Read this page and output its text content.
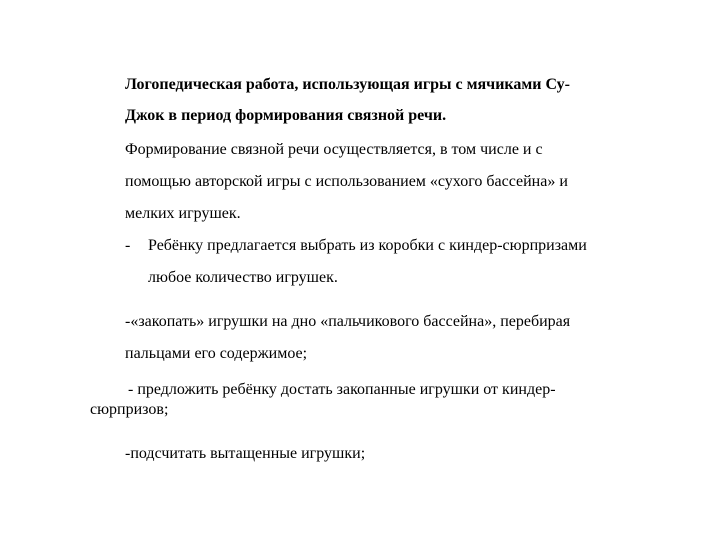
Логопедическая работа, использующая игры с мячиками Су-
Джок в период формирования связной речи.
Формирование связной речи осуществляется, в том числе и с
помощью авторской игры с использованием «сухого бассейна» и
мелких игрушек.
- Ребёнку предлагается выбрать из коробки с киндер-сюрпризами
любое количество игрушек.
-«закопать» игрушки на дно «пальчикового бассейна», перебирая
пальцами его содержимое;
- предложить ребёнку достать закопанные игрушки от киндер-
сюрпризов;
-подсчитать вытащенные игрушки;
